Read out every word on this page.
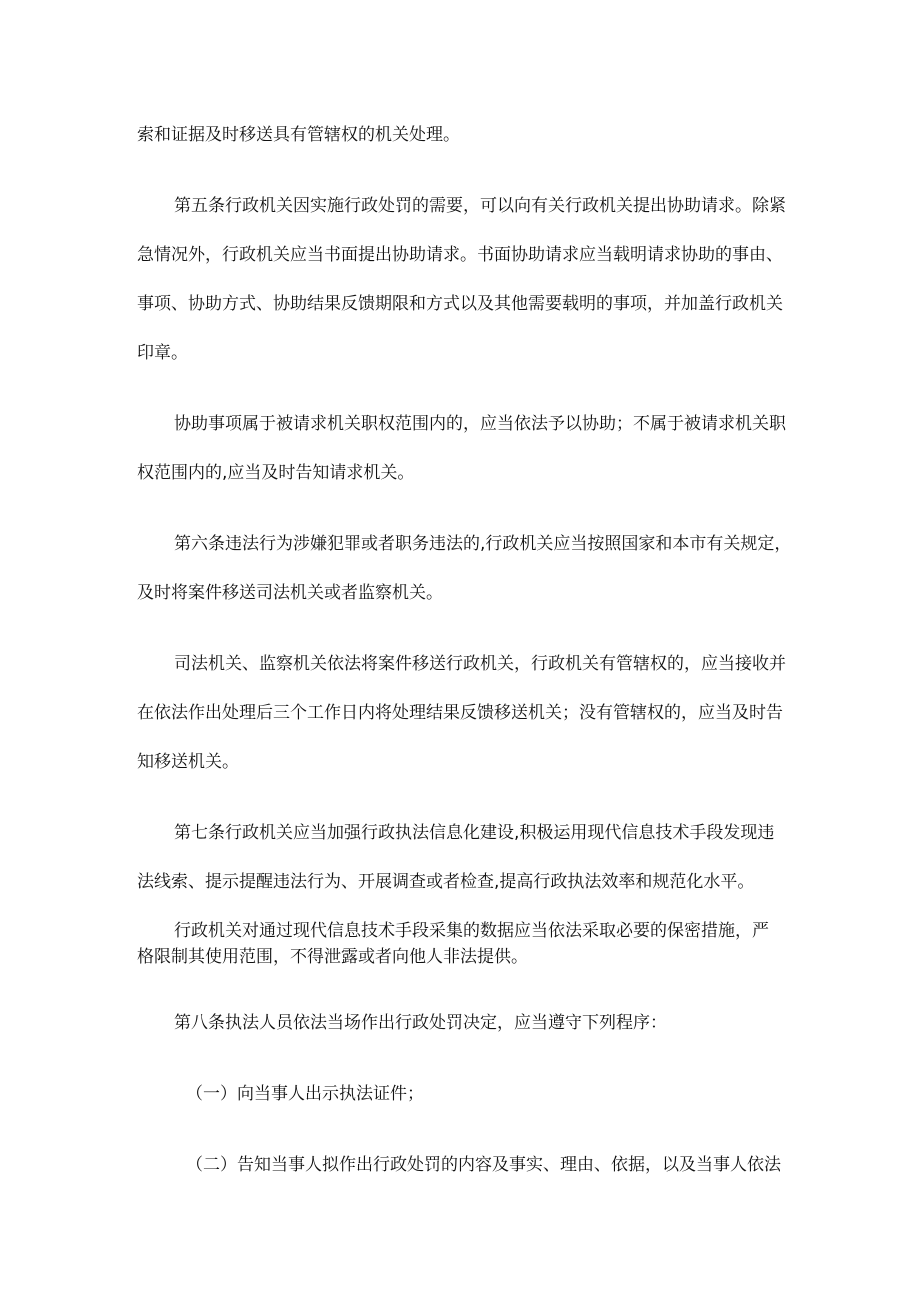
索和证据及时移送具有管辖权的机关处理。

第五条行政机关因实施行政处罚的需要，可以向有关行政机关提出协助请求。除紧

急情况外，行政机关应当书面提出协助请求。书面协助请求应当载明请求协助的事由、

事项、协助方式、协助结果反馈期限和方式以及其他需要载明的事项，并加盖行政机关

印章。

协助事项属于被请求机关职权范围内的，应当依法予以协助；不属于被请求机关职

权范围内的,应当及时告知请求机关。

第六条违法行为涉嫌犯罪或者职务违法的,行政机关应当按照国家和本市有关规定，

及时将案件移送司法机关或者监察机关。

司法机关、监察机关依法将案件移送行政机关，行政机关有管辖权的，应当接收并

在依法作出处理后三个工作日内将处理结果反馈移送机关；没有管辖权的，应当及时告

知移送机关。

第七条行政机关应当加强行政执法信息化建设,积极运用现代信息技术手段发现违

法线索、提示提醒违法行为、开展调查或者检查,提高行政执法效率和规范化水平。

行政机关对通过现代信息技术手段采集的数据应当依法采取必要的保密措施，严

格限制其使用范围，不得泄露或者向他人非法提供。

第八条执法人员依法当场作出行政处罚决定，应当遵守下列程序：

（一）向当事人出示执法证件；

（二）告知当事人拟作出行政处罚的内容及事实、理由、依据，以及当事人依法
